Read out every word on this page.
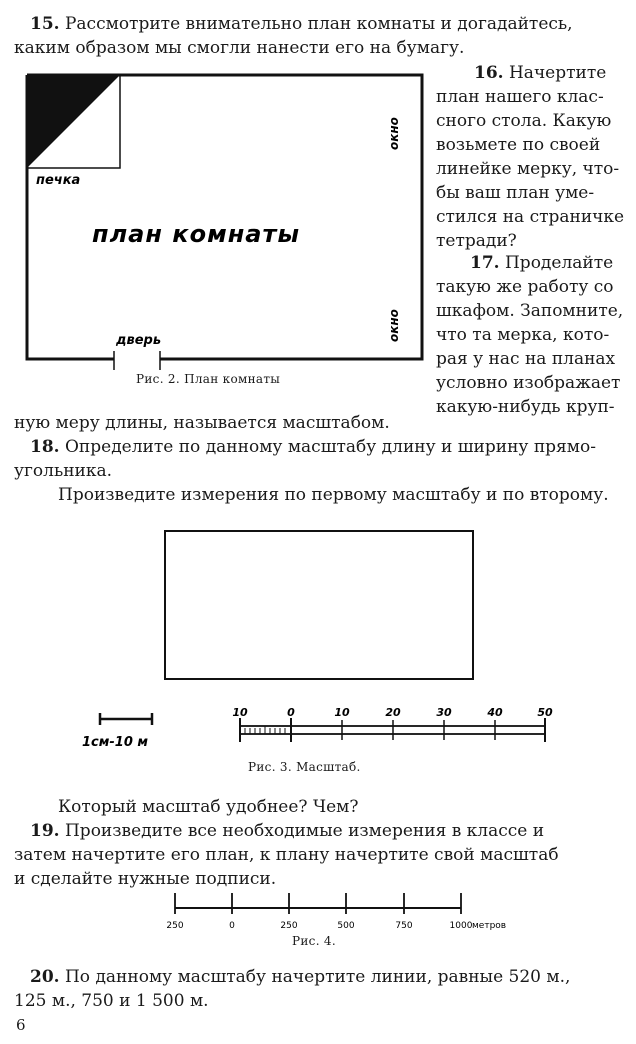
15. Рассмотрите внимательно план комнаты и догадайтесь,
каким образом мы смогли нанести его на бумагу.
печка
план комнаты
окно
окно
дверь
Рис. 2. План комнаты
16. Начертите
план нашего клас-
сного стола. Какую
возьмете по своей
линейке мерку, что-
бы ваш план уме-
стился на страничке
тетради?
17. Проделайте
такую же работу со
шкафом. Запомните,
что та мерка, кото-
рая у нас на планах
условно изображает
какую-нибудь круп-
ную меру длины, называется масштабом.
18. Определите по данному масштабу длину и ширину прямо-
угольника.
Произведите измерения по первому масштабу и по второму.
1см-10 м
10	0	10	20	30	40	50
Рис. 3. Масштаб.
Который масштаб удобнее? Чем?
19. Произведите все необходимые измерения в классе и
затем начертите его план, к плану начертите свой масштаб
и сделайте нужные подписи.
250	0	250	500	750	1000 метров
Рис. 4.
20. По данному масштабу начертите линии, равные 520 м.,
125 м., 750 и 1 500 м.
6
